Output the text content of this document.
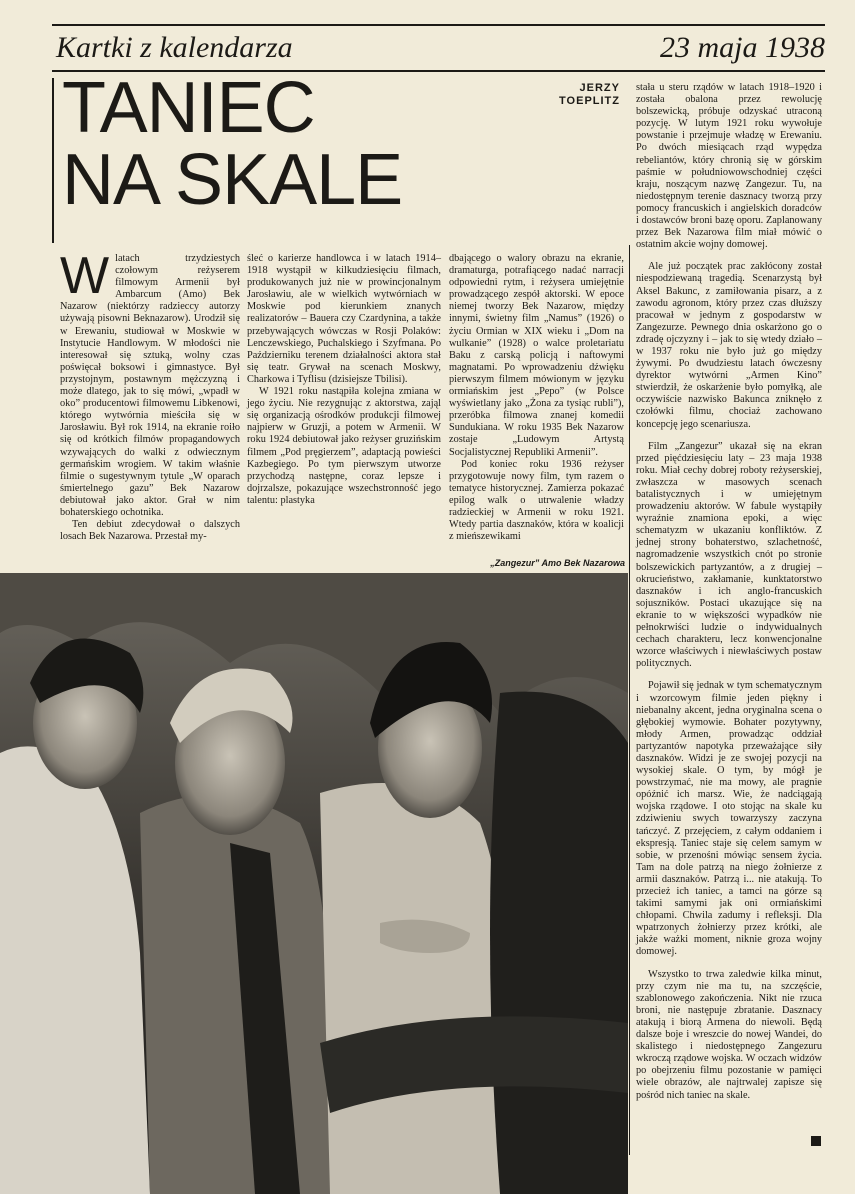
Kartki z kalendarza	23 maja 1938
TANIEC
NA SKALE
JERZY
TOEPLITZ

Wlatach trzydziestych czołowym reżyserem filmowym Armenii był Ambarcum (Amo) Bek Nazarow (niektórzy radzieccy autorzy używają pisowni Beknazarow). Urodził się w Erewaniu, studiował w Moskwie w Instytucie Handlowym. W młodości nie interesował się sztuką, wolny czas poświęcał boksowi i gimnastyce. Był przystojnym, postawnym mężczyzną i może dlatego, jak to się mówi, „wpadł w oko” producentowi filmowemu Libkenowi, którego wytwórnia mieściła się w Jarosławiu. Był rok 1914, na ekranie roiło się od krótkich filmów propagandowych wzywających do walki z odwiecznym germańskim wrogiem. W takim właśnie filmie o sugestywnym tytule „W oparach śmiertelnego gazu” Bek Nazarow debiutował jako aktor. Grał w nim bohaterskiego ochotnika.

Ten debiut zdecydował o dalszych losach Bek Nazarowa. Przestał my-

śleć o karierze handlowca i w latach 1914–1918 wystąpił w kilkudziesięciu filmach, produkowanych już nie w prowincjonalnym Jarosławiu, ale w wielkich wytwórniach w Moskwie pod kierunkiem znanych realizatorów – Bauera czy Czardynina, a także przebywających wówczas w Rosji Polaków: Lenczewskiego, Puchalskiego i Szyfmana. Po Październiku terenem działalności aktora stał się teatr. Grywał na scenach Moskwy, Charkowa i Tyflisu (dzisiejsze Tbilisi).

W 1921 roku nastąpiła kolejna zmiana w jego życiu. Nie rezygnując z aktorstwa, zająl się organizacją ośrodków produkcji filmowej najpierw w Gruzji, a potem w Armenii. W roku 1924 debiutował jako reżyser gruzińskim filmem „Pod pręgierzem”, adaptacją powieści Kazbegiego. Po tym pierwszym utworze przychodzą następne, coraz lepsze i dojrzalsze, pokazujące wszechstronność jego talentu: plastyka

dbającego o walory obrazu na ekranie, dramaturga, potrafiącego nadać narracji odpowiedni rytm, i reżysera umiejętnie prowadzącego zespół aktorski. W epoce niemej tworzy Bek Nazarow, między innymi, świetny film „Namus” (1926) o życiu Ormian w XIX wieku i „Dom na wulkanie” (1928) o walce proletariatu Baku z carską policją i naftowymi magnatami. Po wprowadzeniu dźwięku pierwszym filmem mówionym w języku ormiańskim jest „Pepo” (w Polsce wyświetlany jako „Żona za tysiąc rubli”), przeróbka filmowa znanej komedii Sundukiana. W roku 1935 Bek Nazarow zostaje „Ludowym Artystą Socjalistycznej Republiki Armenii”.

Pod koniec roku 1936 reżyser przygotowuje nowy film, tym razem o tematyce historycznej. Zamierza pokazać epilog walk o utrwalenie władzy radzieckiej w Armenii w roku 1921. Wtedy partia dasznaków, która w koalicji z mieńszewikami

stała u steru rządów w latach 1918–1920 i została obalona przez rewolucję bolszewicką, próbuje odzyskać utraconą pozycję. W lutym 1921 roku wywołuje powstanie i przejmuje władzę w Erewaniu. Po dwóch miesiącach rząd wypędza rebeliantów, który chronią się w górskim paśmie w południowowschodniej części kraju, noszącym nazwę Zangezur. Tu, na niedostępnym terenie dasznacy tworzą przy pomocy francuskich i angielskich doradców i dostawców broni bazę oporu. Zaplanowany przez Bek Nazarowa film miał mówić o ostatnim akcie wojny domowej.

Ale już początek prac zakłócony został niespodziewaną tragedią. Scenarzystą był Aksel Bakunc, z zamiłowania pisarz, a z zawodu agronom, który przez czas dłuższy pracował w jednym z gospodarstw w Zangezurze. Pewnego dnia oskarżono go o zdradę ojczyzny i – jak to się wtedy działo – w 1937 roku nie było już go między żywymi. Po dwudziestu latach ówczesny dyrektor wytwórni „Armen Kino” stwierdził, że oskarżenie było pomyłką, ale oczywiście nazwisko Bakunca zniknęło z czołówki filmu, chociaż zachowano koncepcję jego scenariusza.

Film „Zangezur” ukazał się na ekran przed pięćdziesięciu laty – 23 maja 1938 roku. Miał cechy dobrej roboty reżyserskiej, zwłaszcza w masowych scenach batalistycznych i w umiejętnym prowadzeniu aktorów. W fabule wystąpiły wyraźnie znamiona epoki, a więc schematyzm w ukazaniu konfliktów. Z jednej strony bohaterstwo, szlachetność, nagromadzenie wszystkich cnót po stronie bolszewickich partyzantów, a z drugiej – okrucieństwo, zakłamanie, kunktatorstwo dasznaków i ich anglo-francuskich sojuszników. Postaci ukazujące się na ekranie to w większości wypadków nie pełnokrwiści ludzie o indywidualnych cechach charakteru, lecz konwencjonalne wzorce właściwych i niewłaściwych postaw politycznych.

Pojawił się jednak w tym schematycznym i wzorcowym filmie jeden piękny i niebanalny akcent, jedna oryginalna scena o głębokiej wymowie. Bohater pozytywny, młody Armen, prowadząc oddział partyzantów napotyka przeważające siły dasznaków. Widzi je ze swojej pozycji na wysokiej skale. O tym, by mógł je powstrzymać, nie ma mowy, ale pragnie opóźnić ich marsz. Wie, że nadciągają wojska rządowe. I oto stojąc na skale ku zdziwieniu swych towarzyszy zaczyna tańczyć. Z przejęciem, z całym oddaniem i ekspresją. Taniec staje się celem samym w sobie, w przenośni mówiąc sensem życia. Tam na dole patrzą na niego żołnierze z armii dasznaków. Patrzą i... nie atakują. To przecież ich taniec, a tamci na górze są takimi samymi jak oni ormiańskimi chłopami. Chwila zadumy i refleksji. Dla wpatrzonych żołnierzy przez krótki, ale jakże ważki moment, niknie groza wojny domowej.

Wszystko to trwa zaledwie kilka minut, przy czym nie ma tu, na szczęście, szablonowego zakończenia. Nikt nie rzuca broni, nie następuje zbratanie. Dasznacy atakują i biorą Armena do niewoli. Będą dalsze boje i wreszcie do nowej Wandei, do skalistego i niedostępnego Zangezuru wkroczą rządowe wojska. W oczach widzów po obejrzeniu filmu pozostanie w pamięci wiele obrazów, ale najtrwalej zapisze się pośród nich taniec na skale.

„Zangezur” Amo Bek Nazarowa
